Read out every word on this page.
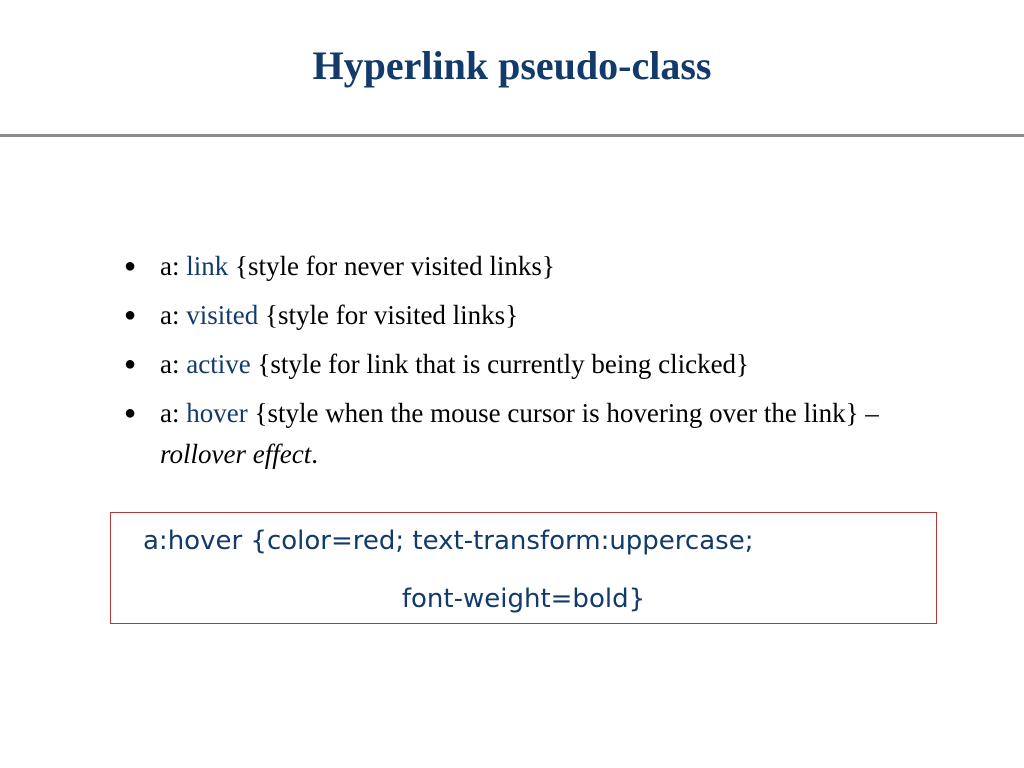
Hyperlink pseudo-class
● a: link {style for never visited links}
● a: visited {style for visited links}
● a: active {style for link that is currently being clicked}
● a: hover {style when the mouse cursor is hovering over the link} – rollover effect.
a:hover {color=red; text-transform:uppercase;
font-weight=bold}
